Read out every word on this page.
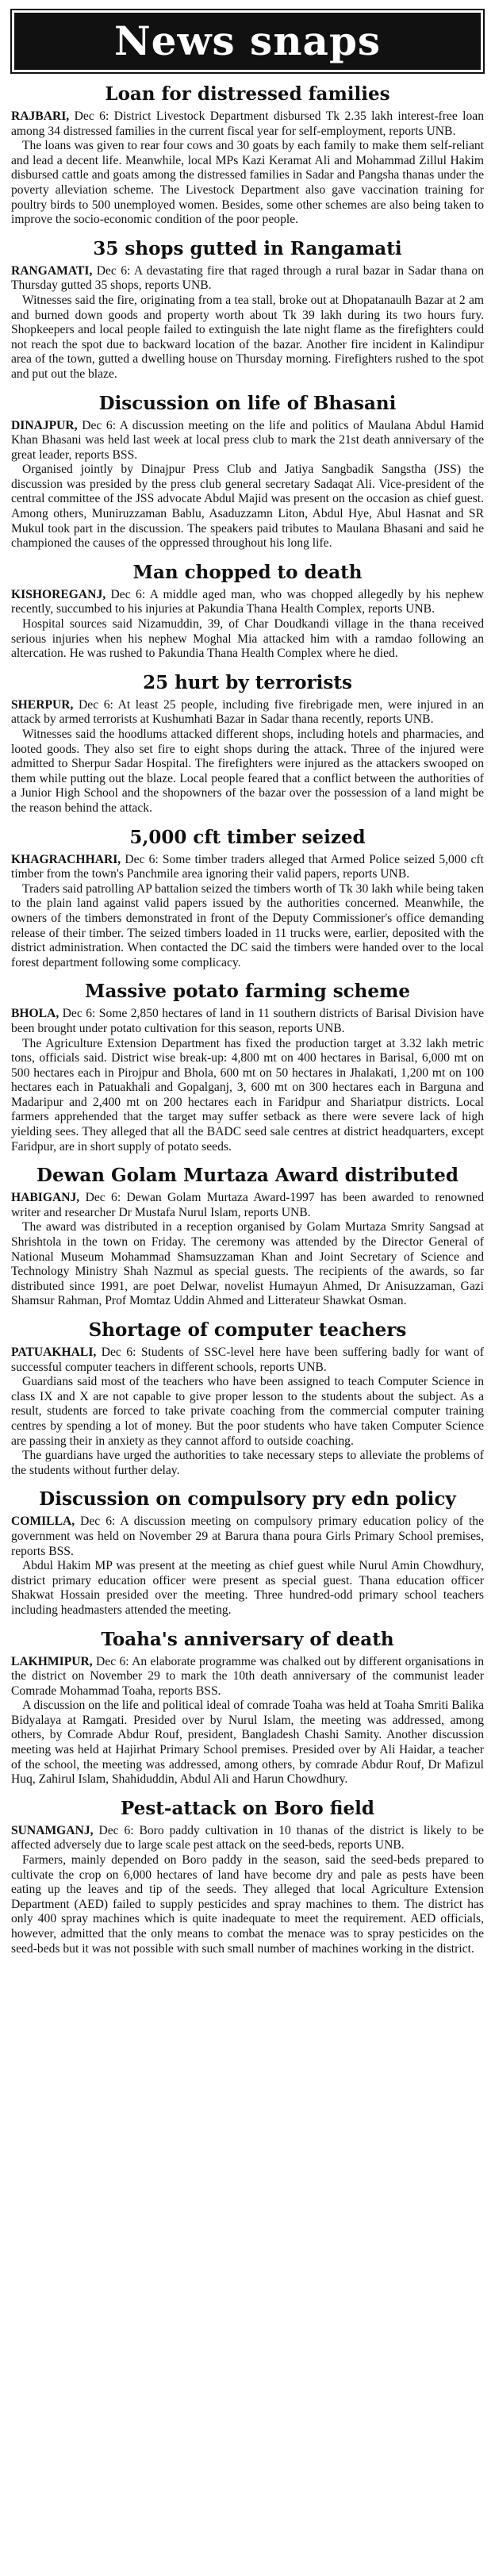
News snaps
Loan for distressed families

RAJBARI, Dec 6: District Livestock Department disbursed Tk 2.35 lakh interest-free loan among 34 distressed families in the current fiscal year for self-employment, reports UNB.

The loans was given to rear four cows and 30 goats by each family to make them self-reliant and lead a decent life. Meanwhile, local MPs Kazi Keramat Ali and Mohammad Zillul Hakim disbursed cattle and goats among the distressed families in Sadar and Pangsha thanas under the poverty alleviation scheme. The Livestock Department also gave vaccination training for poultry birds to 500 unemployed women. Besides, some other schemes are also being taken to improve the socio-economic condition of the poor people.

35 shops gutted in Rangamati

RANGAMATI, Dec 6: A devastating fire that raged through a rural bazar in Sadar thana on Thursday gutted 35 shops, reports UNB.

Witnesses said the fire, originating from a tea stall, broke out at Dhopatanaulh Bazar at 2 am and burned down goods and property worth about Tk 39 lakh during its two hours fury. Shopkeepers and local people failed to extinguish the late night flame as the firefighters could not reach the spot due to backward location of the bazar. Another fire incident in Kalindipur area of the town, gutted a dwelling house on Thursday morning. Firefighters rushed to the spot and put out the blaze.

Discussion on life of Bhasani

DINAJPUR, Dec 6: A discussion meeting on the life and politics of Maulana Abdul Hamid Khan Bhasani was held last week at local press club to mark the 21st death anniversary of the great leader, reports BSS.

Organised jointly by Dinajpur Press Club and Jatiya Sangbadik Sangstha (JSS) the discussion was presided by the press club general secretary Sadaqat Ali. Vice-president of the central committee of the JSS advocate Abdul Majid was present on the occasion as chief guest. Among others, Muniruzzaman Bablu, Asaduzzamn Liton, Abdul Hye, Abul Hasnat and SR Mukul took part in the discussion. The speakers paid tributes to Maulana Bhasani and said he championed the causes of the oppressed throughout his long life.

Man chopped to death

KISHOREGANJ, Dec 6: A middle aged man, who was chopped allegedly by his nephew recently, succumbed to his injuries at Pakundia Thana Health Complex, reports UNB.

Hospital sources said Nizamuddin, 39, of Char Doudkandi village in the thana received serious injuries when his nephew Moghal Mia attacked him with a ramdao following an altercation. He was rushed to Pakundia Thana Health Complex where he died.

25 hurt by terrorists

SHERPUR, Dec 6: At least 25 people, including five firebrigade men, were injured in an attack by armed terrorists at Kushumhati Bazar in Sadar thana recently, reports UNB.

Witnesses said the hoodlums attacked different shops, including hotels and pharmacies, and looted goods. They also set fire to eight shops during the attack. Three of the injured were admitted to Sherpur Sadar Hospital. The firefighters were injured as the attackers swooped on them while putting out the blaze. Local people feared that a conflict between the authorities of a Junior High School and the shopowners of the bazar over the possession of a land might be the reason behind the attack.

5,000 cft timber seized

KHAGRACHHARI, Dec 6: Some timber traders alleged that Armed Police seized 5,000 cft timber from the town's Panchmile area ignoring their valid papers, reports UNB.

Traders said patrolling AP battalion seized the timbers worth of Tk 30 lakh while being taken to the plain land against valid papers issued by the authorities concerned. Meanwhile, the owners of the timbers demonstrated in front of the Deputy Commissioner's office demanding release of their timber. The seized timbers loaded in 11 trucks were, earlier, deposited with the district administration. When contacted the DC said the timbers were handed over to the local forest department following some complicacy.

Massive potato farming scheme

BHOLA, Dec 6: Some 2,850 hectares of land in 11 southern districts of Barisal Division have been brought under potato cultivation for this season, reports UNB.

The Agriculture Extension Department has fixed the production target at 3.32 lakh metric tons, officials said. District wise break-up: 4,800 mt on 400 hectares in Barisal, 6,000 mt on 500 hectares each in Pirojpur and Bhola, 600 mt on 50 hectares in Jhalakati, 1,200 mt on 100 hectares each in Patuakhali and Gopalganj, 3, 600 mt on 300 hectares each in Barguna and Madaripur and 2,400 mt on 200 hectares each in Faridpur and Shariatpur districts. Local farmers apprehended that the target may suffer setback as there were severe lack of high yielding sees. They alleged that all the BADC seed sale centres at district headquarters, except Faridpur, are in short supply of potato seeds.

Dewan Golam Murtaza Award distributed

HABIGANJ, Dec 6: Dewan Golam Murtaza Award-1997 has been awarded to renowned writer and researcher Dr Mustafa Nurul Islam, reports UNB.

The award was distributed in a reception organised by Golam Murtaza Smrity Sangsad at Shrishtola in the town on Friday. The ceremony was attended by the Director General of National Museum Mohammad Shamsuzzaman Khan and Joint Secretary of Science and Technology Ministry Shah Nazmul as special guests. The recipients of the awards, so far distributed since 1991, are poet Delwar, novelist Humayun Ahmed, Dr Anisuzzaman, Gazi Shamsur Rahman, Prof Momtaz Uddin Ahmed and Litterateur Shawkat Osman.

Shortage of computer teachers

PATUAKHALI, Dec 6: Students of SSC-level here have been suffering badly for want of successful computer teachers in different schools, reports UNB.

Guardians said most of the teachers who have been assigned to teach Computer Science in class IX and X are not capable to give proper lesson to the students about the subject. As a result, students are forced to take private coaching from the commercial computer training centres by spending a lot of money. But the poor students who have taken Computer Science are passing their in anxiety as they cannot afford to outside coaching.

The guardians have urged the authorities to take necessary steps to alleviate the problems of the students without further delay.

Discussion on compulsory pry edn policy

COMILLA, Dec 6: A discussion meeting on compulsory primary education policy of the government was held on November 29 at Barura thana poura Girls Primary School premises, reports BSS.

Abdul Hakim MP was present at the meeting as chief guest while Nurul Amin Chowdhury, district primary education officer were present as special guest. Thana education officer Shakwat Hossain presided over the meeting. Three hundred-odd primary school teachers including headmasters attended the meeting.

Toaha's anniversary of death

LAKHMIPUR, Dec 6: An elaborate programme was chalked out by different organisations in the district on November 29 to mark the 10th death anniversary of the communist leader Comrade Mohammad Toaha, reports BSS.

A discussion on the life and political ideal of comrade Toaha was held at Toaha Smriti Balika Bidyalaya at Ramgati. Presided over by Nurul Islam, the meeting was addressed, among others, by Comrade Abdur Rouf, president, Bangladesh Chashi Samity. Another discussion meeting was held at Hajirhat Primary School premises. Presided over by Ali Haidar, a teacher of the school, the meeting was addressed, among others, by comrade Abdur Rouf, Dr Mafizul Huq, Zahirul Islam, Shahiduddin, Abdul Ali and Harun Chowdhury.

Pest-attack on Boro field

SUNAMGANJ, Dec 6: Boro paddy cultivation in 10 thanas of the district is likely to be affected adversely due to large scale pest attack on the seed-beds, reports UNB.

Farmers, mainly depended on Boro paddy in the season, said the seed-beds prepared to cultivate the crop on 6,000 hectares of land have become dry and pale as pests have been eating up the leaves and tip of the seeds. They alleged that local Agriculture Extension Department (AED) failed to supply pesticides and spray machines to them. The district has only 400 spray machines which is quite inadequate to meet the requirement. AED officials, however, admitted that the only means to combat the menace was to spray pesticides on the seed-beds but it was not possible with such small number of machines working in the district.
